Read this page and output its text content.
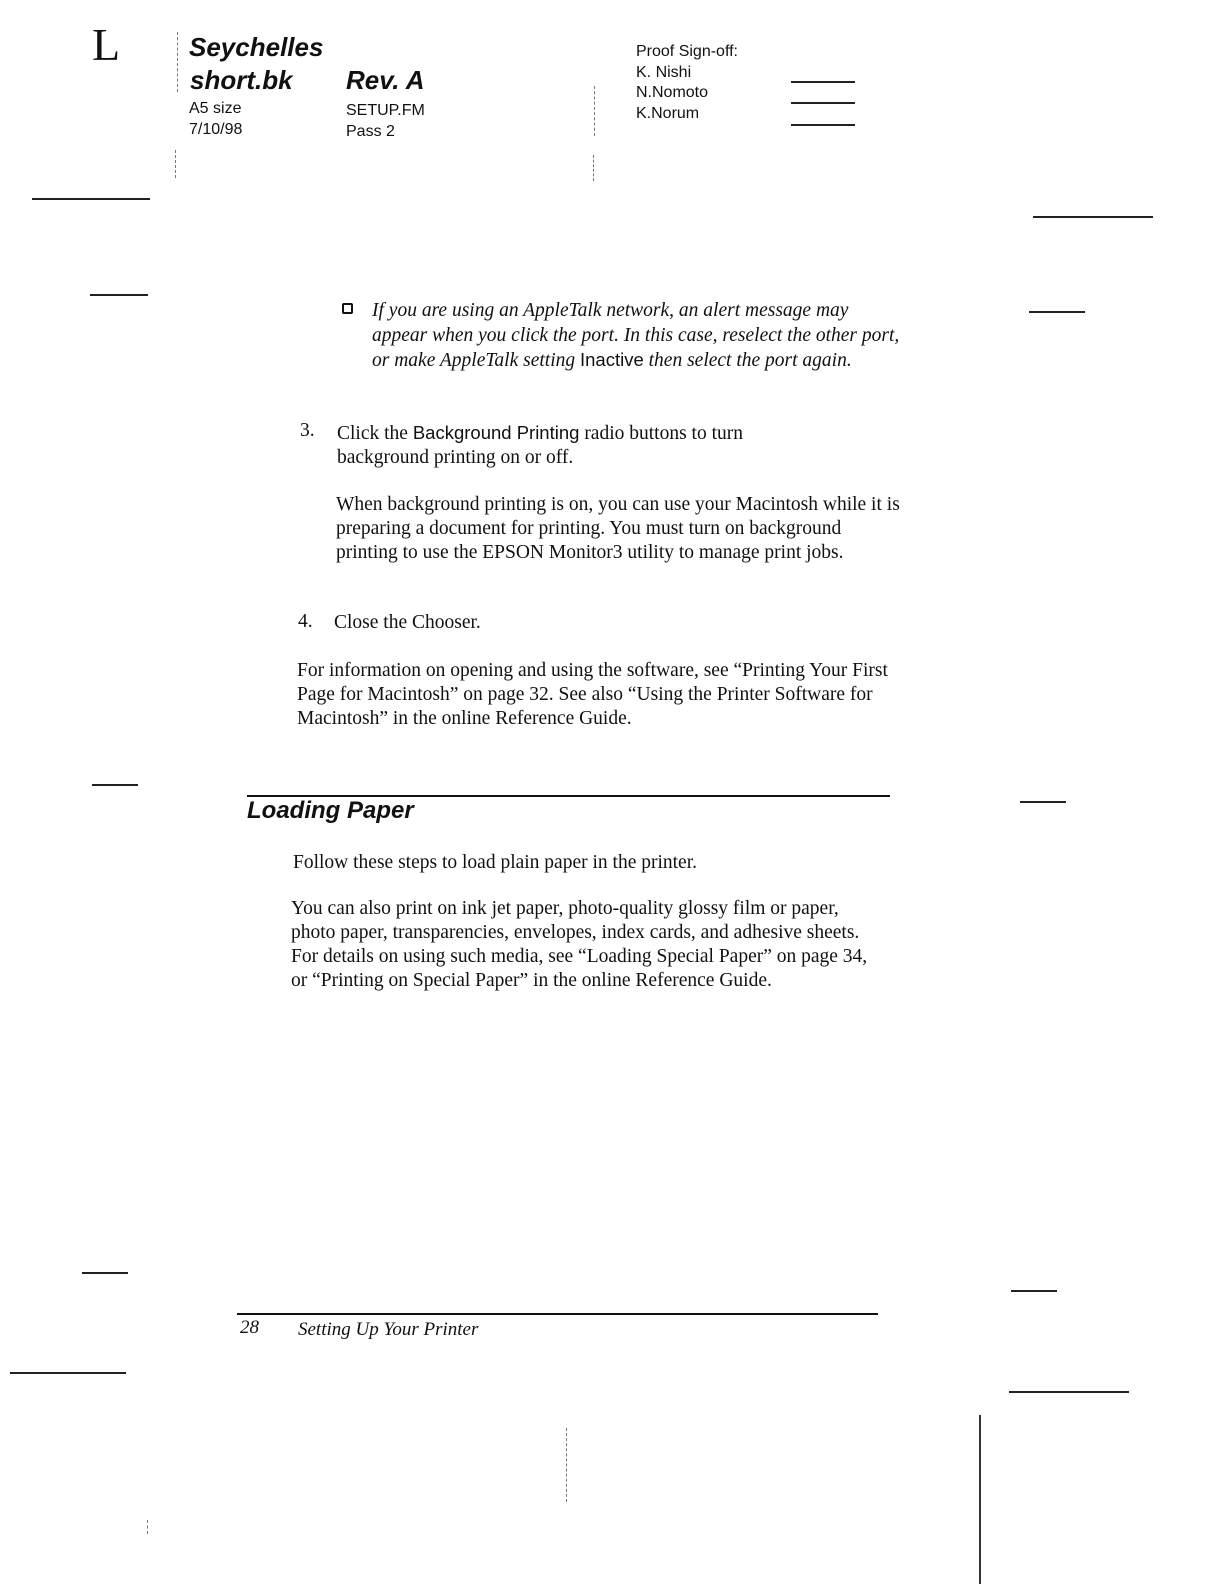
L	Seychelles
short.bk Rev. A
A5 size
7/10/98
SETUP.FM
Pass 2
Proof Sign-off:
K. Nishi
N.Nomoto
K.Norum
If you are using an AppleTalk network, an alert message may appear when you click the port. In this case, reselect the other port, or make AppleTalk setting Inactive then select the port again.
3. Click the Background Printing radio buttons to turn background printing on or off.
When background printing is on, you can use your Macintosh while it is preparing a document for printing. You must turn on background printing to use the EPSON Monitor3 utility to manage print jobs.
4. Close the Chooser.
For information on opening and using the software, see “Printing Your First Page for Macintosh” on page 32. See also “Using the Printer Software for Macintosh” in the online Reference Guide.
Loading Paper
Follow these steps to load plain paper in the printer.
You can also print on ink jet paper, photo-quality glossy film or paper, photo paper, transparencies, envelopes, index cards, and adhesive sheets. For details on using such media, see “Loading Special Paper” on page 34, or “Printing on Special Paper” in the online Reference Guide.
28 Setting Up Your Printer
